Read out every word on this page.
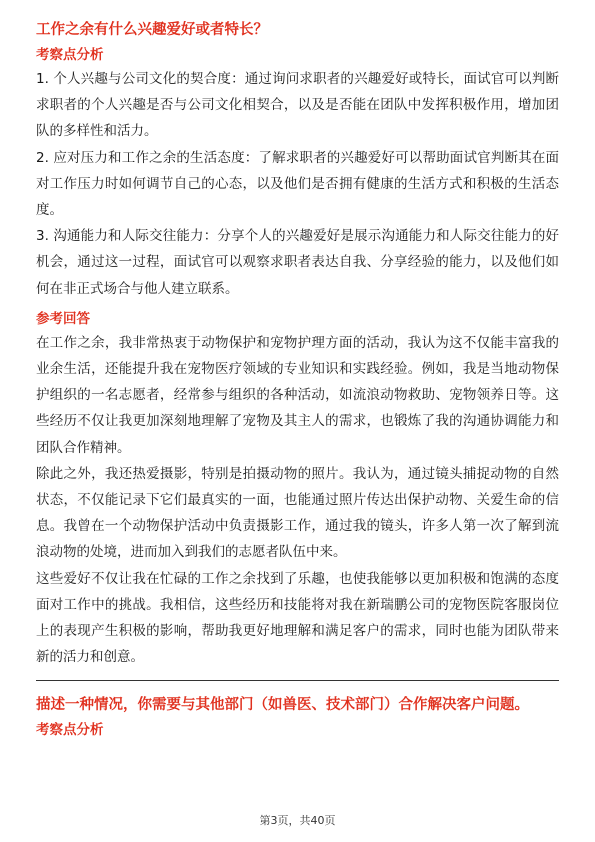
工作之余有什么兴趣爱好或者特长？
考察点分析

1. 个人兴趣与公司文化的契合度：通过询问求职者的兴趣爱好或特长，面试官可以判断求职者的个人兴趣是否与公司文化相契合，以及是否能在团队中发挥积极作用，增加团队的多样性和活力。

2. 应对压力和工作之余的生活态度：了解求职者的兴趣爱好可以帮助面试官判断其在面对工作压力时如何调节自己的心态，以及他们是否拥有健康的生活方式和积极的生活态度。

3. 沟通能力和人际交往能力：分享个人的兴趣爱好是展示沟通能力和人际交往能力的好机会，通过这一过程，面试官可以观察求职者表达自我、分享经验的能力，以及他们如何在非正式场合与他人建立联系。

参考回答

在工作之余，我非常热衷于动物保护和宠物护理方面的活动，我认为这不仅能丰富我的业余生活，还能提升我在宠物医疗领域的专业知识和实践经验。例如，我是当地动物保护组织的一名志愿者，经常参与组织的各种活动，如流浪动物救助、宠物领养日等。这些经历不仅让我更加深刻地理解了宠物及其主人的需求，也锻炼了我的沟通协调能力和团队合作精神。

除此之外，我还热爱摄影，特别是拍摄动物的照片。我认为，通过镜头捕捉动物的自然状态，不仅能记录下它们最真实的一面，也能通过照片传达出保护动物、关爱生命的信息。我曾在一个动物保护活动中负责摄影工作，通过我的镜头，许多人第一次了解到流浪动物的处境，进而加入到我们的志愿者队伍中来。

这些爱好不仅让我在忙碌的工作之余找到了乐趣，也使我能够以更加积极和饱满的态度面对工作中的挑战。我相信，这些经历和技能将对我在新瑞鹏公司的宠物医院客服岗位上的表现产生积极的影响，帮助我更好地理解和满足客户的需求，同时也能为团队带来新的活力和创意。

描述一种情况，你需要与其他部门（如兽医、技术部门）合作解决客户问题。
考察点分析
第3页，共40页
